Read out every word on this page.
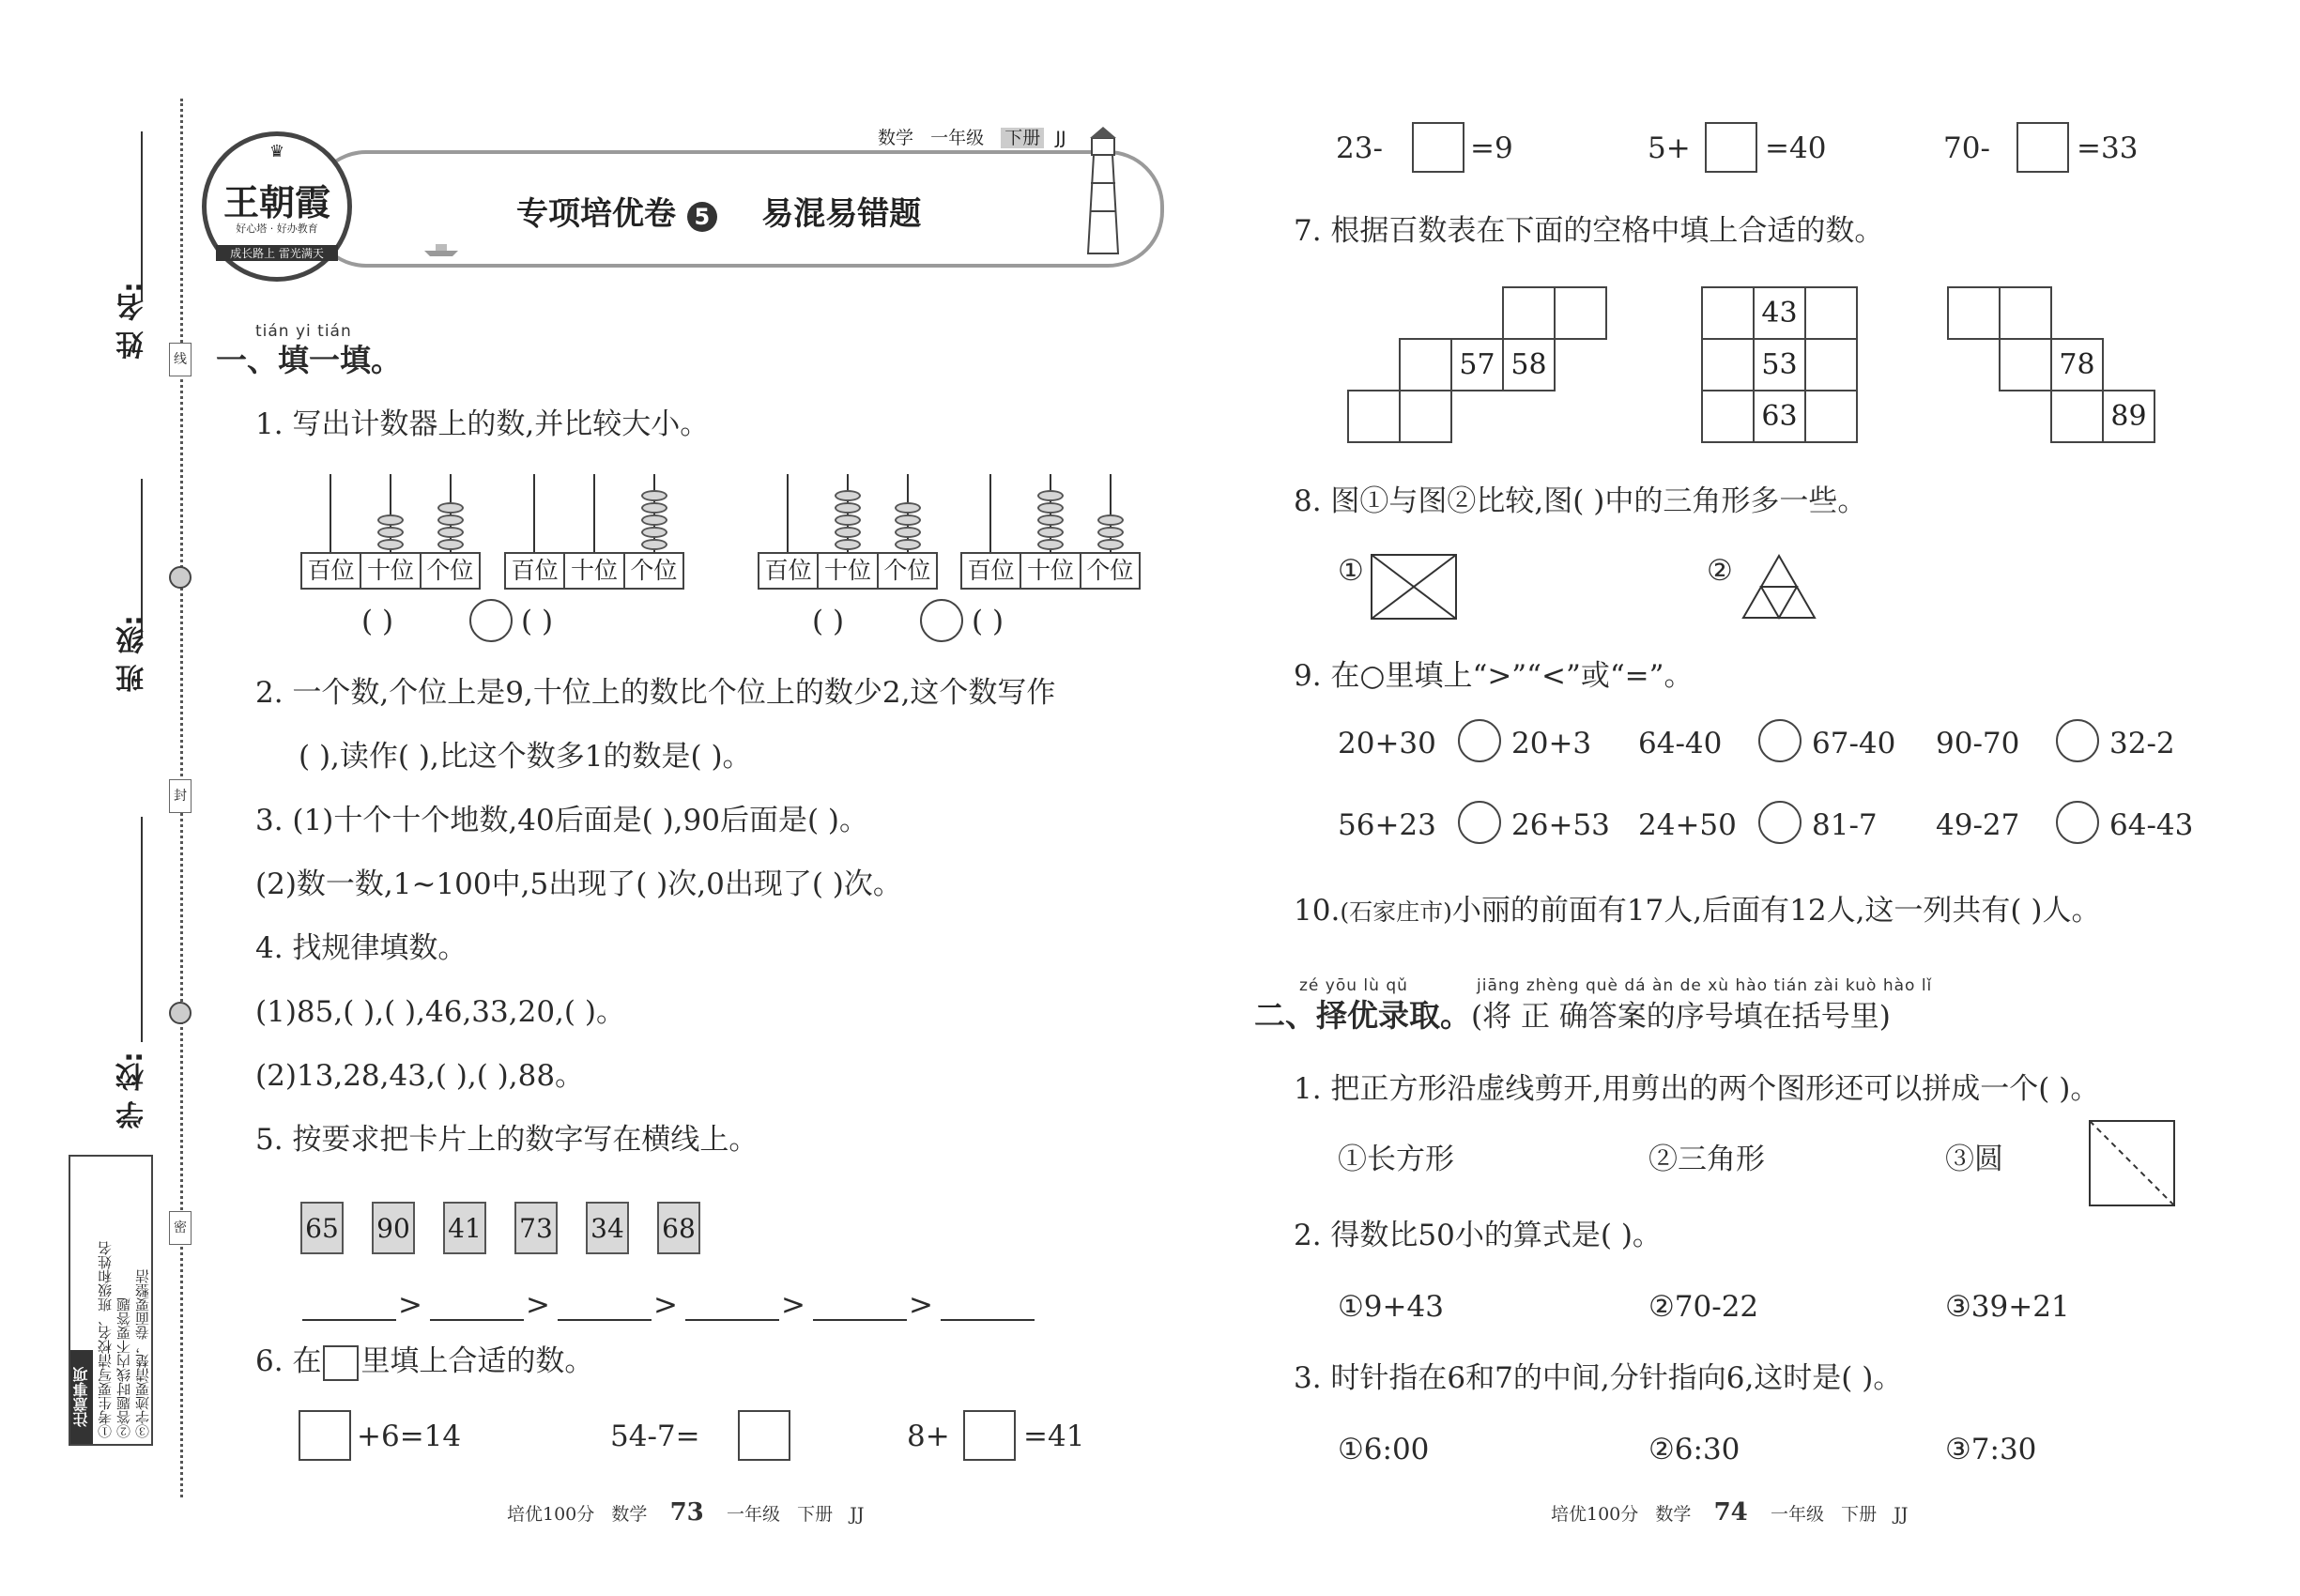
姓 名:
班 级:
学 校:
线
封
密
注意事项 ①考生要写清校名、班级和姓名 ②答题时线内不要答题 ③字迹要清楚，卷面要整洁
♛
王朝霞
好心塔 · 好办教育
成长路上 雷光满天
数学 一年级 下册 JJ
专项培优卷 5 易混易错题
tián yi tián
一、填一填。
1. 写出计数器上的数,并比较大小。
百位 十位 个位 百位 十位 个位	百位 十位 个位 百位 十位 个位
( )	( )	( )	( )
2. 一个数,个位上是9,十位上的数比个位上的数少2,这个数写作
( ),读作( ),比这个数多1的数是( )。
3. (1)十个十个地数,40后面是( ),90后面是( )。
(2)数一数,1~100中,5出现了( )次,0出现了( )次。
4. 找规律填数。
(1)85,( ),( ),46,33,20,( )。
(2)13,28,43,( ),( ),88。
5. 按要求把卡片上的数字写在横线上。
65 90 41 73 34 68
>	>	>	>	>
6. 在 里填上合适的数。
+6=14	54-7=	8+	=41
23-	=9	5+	=40	70-	=33
7. 根据百数表在下面的空格中填上合适的数。
57 58
43
53
63
78
89
8. 图①与图②比较,图( )中的三角形多一些。
①	②
9. 在○里填上“>”“<”或“=”。
20+30	20+3 64-40	67-40 90-70	32-2
56+23	26+53 24+50	81-7 49-27	64-43
10.(石家庄市)小丽的前面有17人,后面有12人,这一列共有( )人。
zé yōu lù qǔ	jiāng zhèng què dá àn de xù hào tián zài kuò hào lǐ
二、择优录取。(将 正 确答案的序号填在括号里)
1. 把正方形沿虚线剪开,用剪出的两个图形还可以拼成一个( )。
①长方形	②三角形	③圆
2. 得数比50小的算式是( )。
①9+43	②70-22	③39+21
3. 时针指在6和7的中间,分针指向6,这时是( )。
①6:00	②6:30	③7:30
培优100分 数学 73 一年级 下册 JJ	培优100分 数学 74 一年级 下册 JJ
